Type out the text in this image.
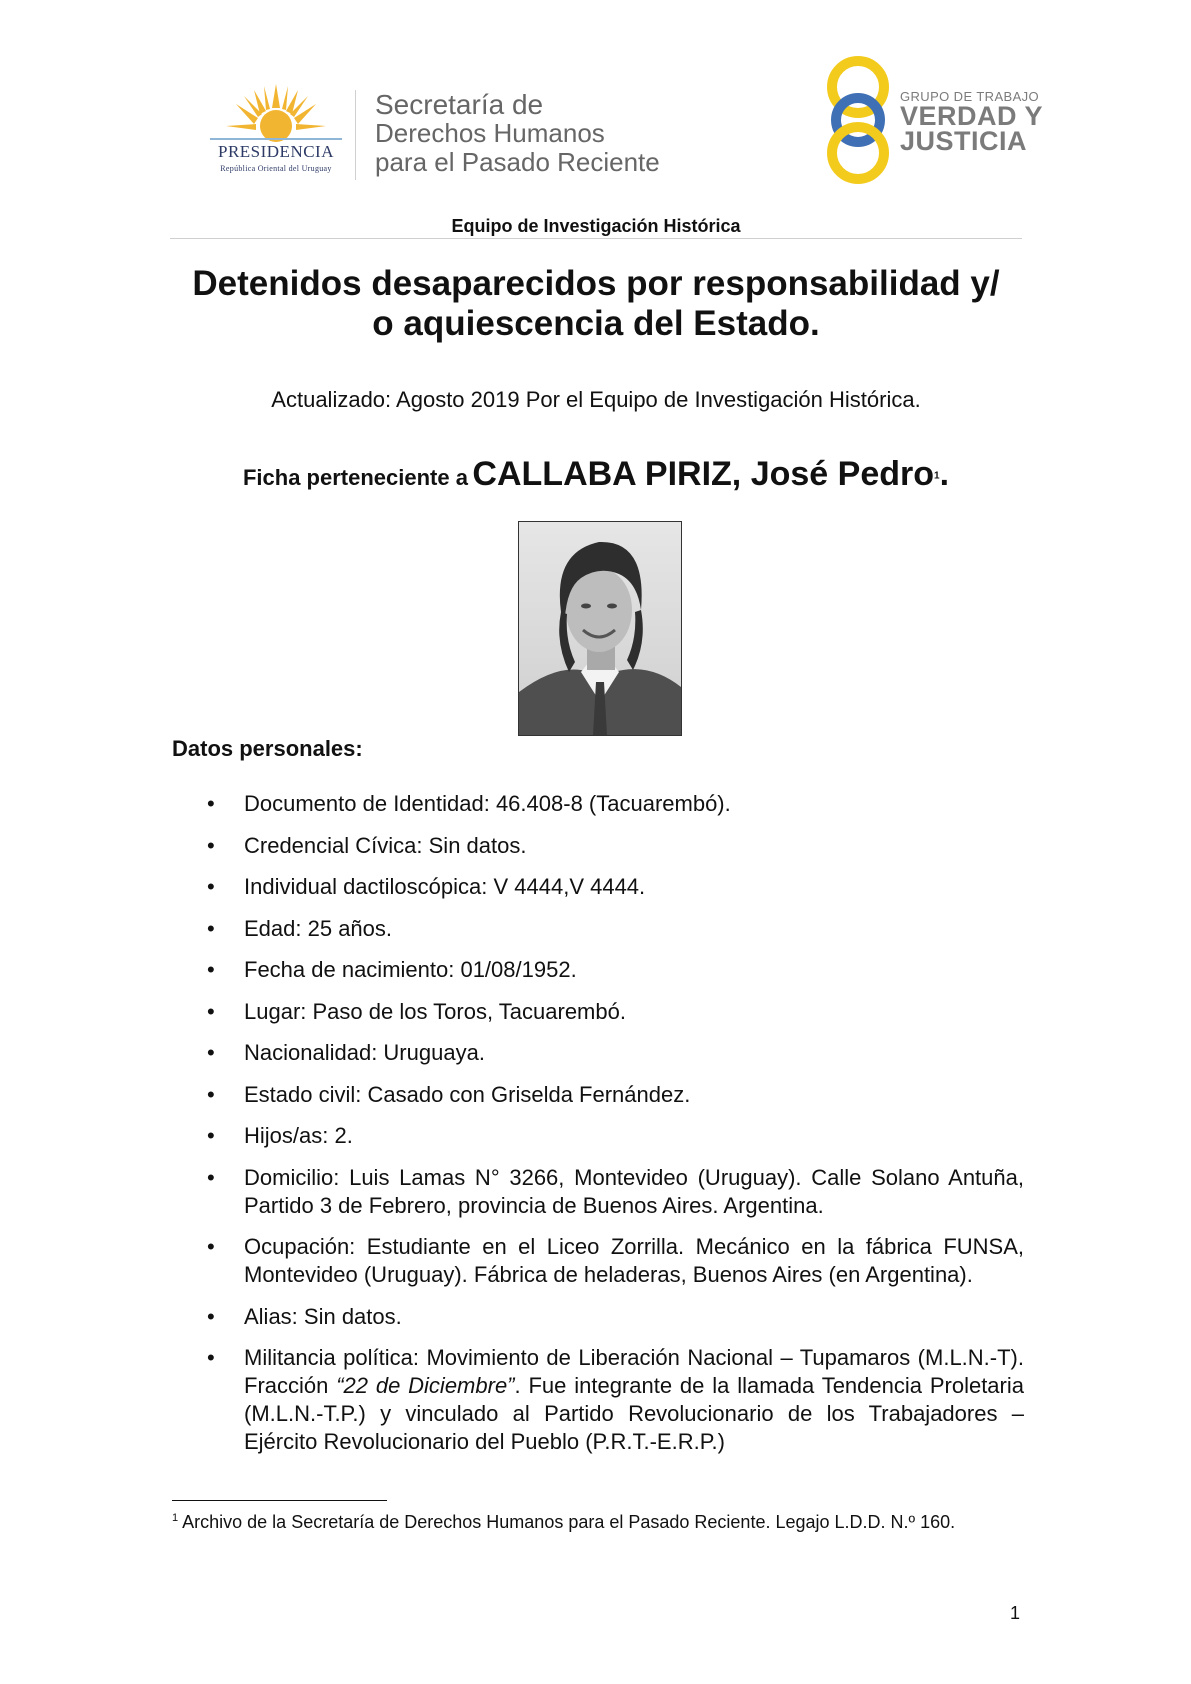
PRESIDENCIA
República Oriental del Uruguay
Secretaría de
Derechos Humanos
para el Pasado Reciente
GRUPO DE TRABAJO
VERDAD Y
JUSTICIA
Equipo de Investigación Histórica
Detenidos desaparecidos por responsabilidad y/
o aquiescencia del Estado.
Actualizado: Agosto 2019 Por el Equipo de Investigación Histórica.
Ficha perteneciente a CALLABA PIRIZ, José Pedro$^1$.
Datos personales:
• Documento de Identidad: 46.408-8 (Tacuarembó).
• Credencial Cívica: Sin datos.
• Individual dactiloscópica: V 4444,V 4444.
• Edad: 25 años.
• Fecha de nacimiento: 01/08/1952.
• Lugar: Paso de los Toros, Tacuarembó.
• Nacionalidad: Uruguaya.
• Estado civil: Casado con Griselda Fernández.
• Hijos/as: 2.
• Domicilio: Luis Lamas N° 3266, Montevideo (Uruguay). Calle Solano Antuña, Partido 3 de Febrero, provincia de Buenos Aires. Argentina.
• Ocupación: Estudiante en el Liceo Zorrilla. Mecánico en la fábrica FUNSA, Montevideo (Uruguay). Fábrica de heladeras, Buenos Aires (en Argentina).
• Alias: Sin datos.
• Militancia política: Movimiento de Liberación Nacional – Tupamaros (M.L.N.-T). Fracción “22 de Diciembre”. Fue integrante de la llamada Tendencia Proletaria (M.L.N.-T.P.) y vinculado al Partido Revolucionario de los Trabajadores – Ejército Revolucionario del Pueblo (P.R.T.-E.R.P.)
$^1$ Archivo de la Secretaría de Derechos Humanos para el Pasado Reciente. Legajo L.D.D. N.º 160.
1
